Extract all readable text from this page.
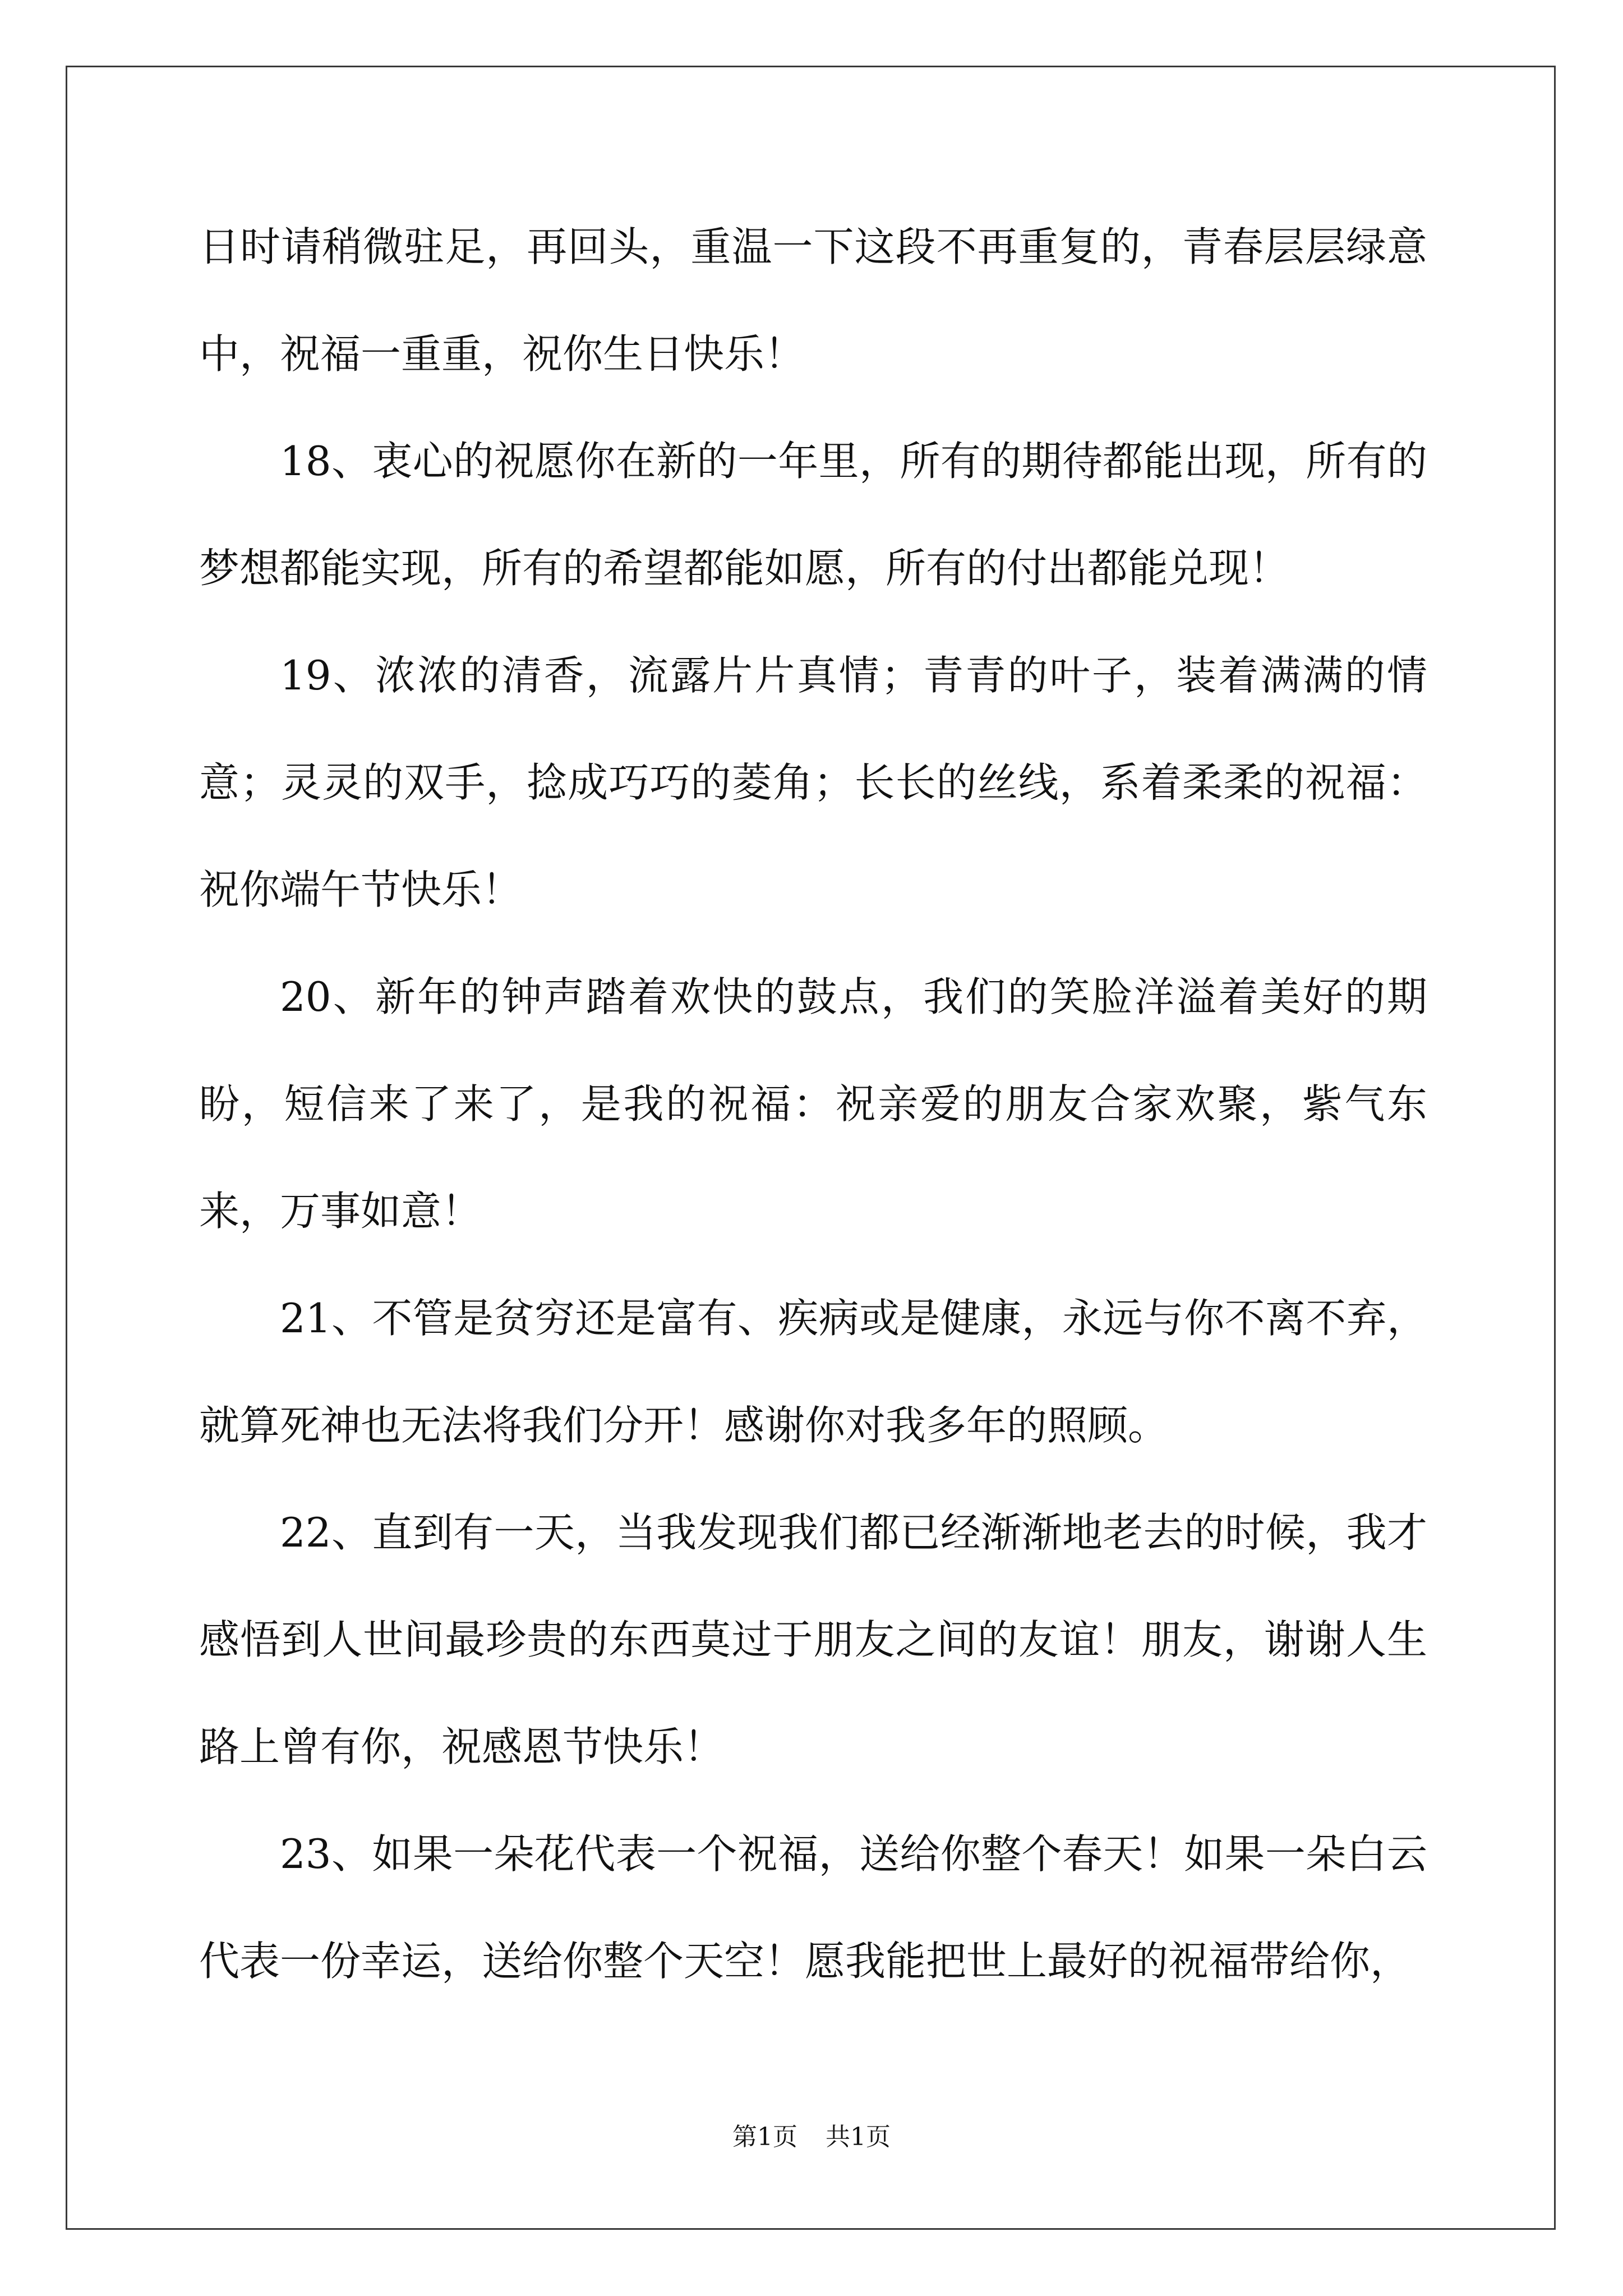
日时请稍微驻足，再回头，重温一下这段不再重复的，青春层层绿意中，祝福一重重，祝你生日快乐！

18、衷心的祝愿你在新的一年里，所有的期待都能出现，所有的梦想都能实现，所有的希望都能如愿，所有的付出都能兑现！

19、浓浓的清香，流露片片真情；青青的叶子，装着满满的情意；灵灵的双手，捻成巧巧的菱角；长长的丝线，系着柔柔的祝福：祝你端午节快乐！

20、新年的钟声踏着欢快的鼓点，我们的笑脸洋溢着美好的期盼，短信来了来了，是我的祝福：祝亲爱的朋友合家欢聚，紫气东来，万事如意！

21、不管是贫穷还是富有、疾病或是健康，永远与你不离不弃，就算死神也无法将我们分开！感谢你对我多年的照顾。

22、直到有一天，当我发现我们都已经渐渐地老去的时候，我才感悟到人世间最珍贵的东西莫过于朋友之间的友谊！朋友，谢谢人生路上曾有你，祝感恩节快乐！

23、如果一朵花代表一个祝福，送给你整个春天！如果一朵白云代表一份幸运，送给你整个天空！愿我能把世上最好的祝福带给你，

第1页 共1页
